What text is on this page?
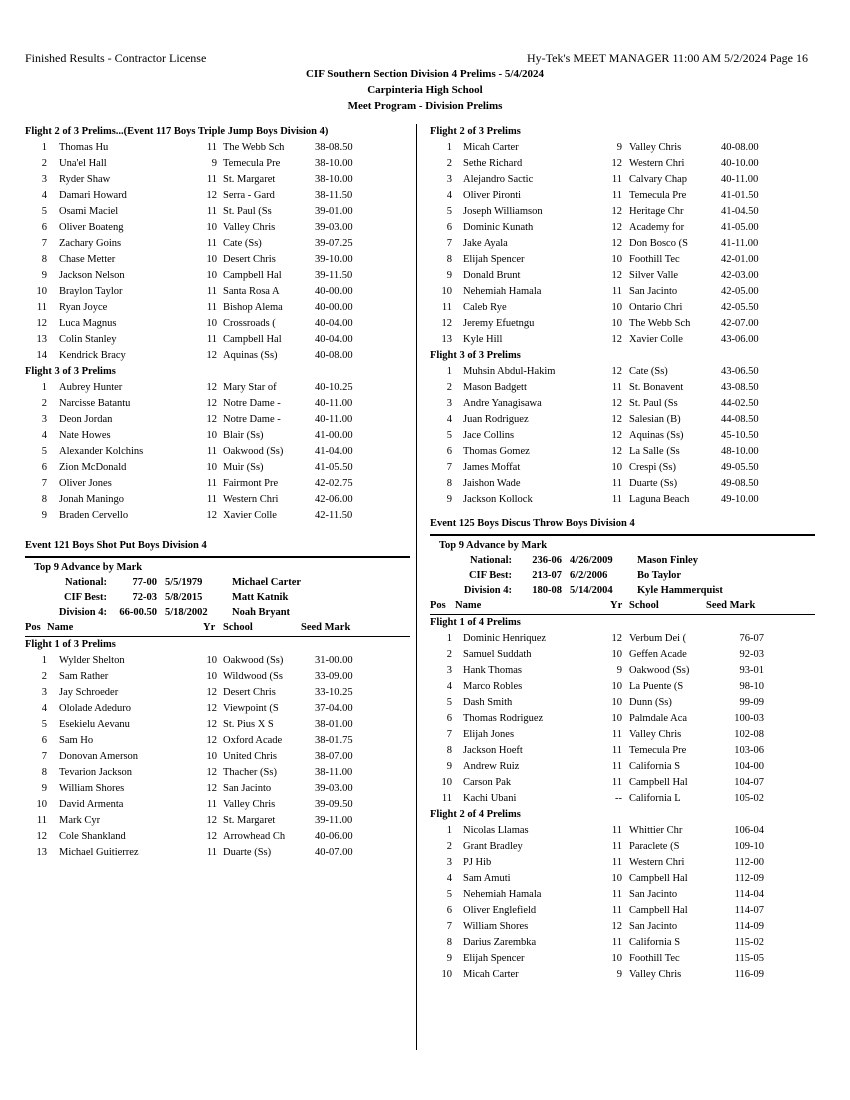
Finished Results - Contractor License	Hy-Tek's MEET MANAGER 11:00 AM 5/2/2024 Page 16
CIF Southern Section Division 4 Prelims - 5/4/2024
Carpinteria High School
Meet Program - Division Prelims
Flight 2 of 3 Prelims...(Event 117 Boys Triple Jump Boys Division 4)
1 Thomas Hu	11 The Webb Sch	38-08.50
2 Una'el Hall	9 Temecula Pre	38-10.00
3 Ryder Shaw	11 St. Margaret	38-10.00
4 Damari Howard	12 Serra - Gard	38-11.50
5 Osami Maciel	11 St. Paul (Ss	39-01.00
6 Oliver Boateng	10 Valley Chris	39-03.00
7 Zachary Goins	11 Cate (Ss)	39-07.25
8 Chase Metter	10 Desert Chris	39-10.00
9 Jackson Nelson	10 Campbell Hal	39-11.50
10 Braylon Taylor	11 Santa Rosa A	40-00.00
11 Ryan Joyce	11 Bishop Alema	40-00.00
12 Luca Magnus	10 Crossroads (	40-04.00
13 Colin Stanley	11 Campbell Hal	40-04.00
14 Kendrick Bracy	12 Aquinas (Ss)	40-08.00
Flight 3 of 3 Prelims
1 Aubrey Hunter	12 Mary Star of	40-10.25
2 Narcisse Batantu	12 Notre Dame -	40-11.00
3 Deon Jordan	12 Notre Dame -	40-11.00
4 Nate Howes	10 Blair (Ss)	41-00.00
5 Alexander Kolchins	11 Oakwood (Ss)	41-04.00
6 Zion McDonald	10 Muir (Ss)	41-05.50
7 Oliver Jones	11 Fairmont Pre	42-02.75
8 Jonah Maningo	11 Western Chri	42-06.00
9 Braden Cervello	12 Xavier Colle	42-11.50
Event 121 Boys Shot Put Boys Division 4
Top 9 Advance by Mark
National:	77-00 5/5/1979	Michael Carter
CIF Best:	72-03 5/8/2015	Matt Katnik
Division 4:	66-00.50 5/18/2002 Noah Bryant
Pos Name	Yr School	Seed Mark
Flight 1 of 3 Prelims
1 Wylder Shelton	10 Oakwood (Ss)	31-00.00
2 Sam Rather	10 Wildwood (Ss	33-09.00
3 Jay Schroeder	12 Desert Chris	33-10.25
4 Ololade Adeduro	12 Viewpoint (S	37-04.00
5 Esekielu Aevanu	12 St. Pius X S	38-01.00
6 Sam Ho	12 Oxford Acade	38-01.75
7 Donovan Amerson	10 United Chris	38-07.00
8 Tevarion Jackson	12 Thacher (Ss)	38-11.00
9 William Shores	12 San Jacinto	39-03.00
10 David Armenta	11 Valley Chris	39-09.50
11 Mark Cyr	12 St. Margaret	39-11.00
12 Cole Shankland	12 Arrowhead Ch	40-06.00
13 Michael Guitierrez	11 Duarte (Ss)	40-07.00
Flight 2 of 3 Prelims
1 Micah Carter	9 Valley Chris	40-08.00
2 Sethe Richard	12 Western Chri	40-10.00
3 Alejandro Sactic	11 Calvary Chap	40-11.00
4 Oliver Pironti	11 Temecula Pre	41-01.50
5 Joseph Williamson	12 Heritage Chr	41-04.50
6 Dominic Kunath	12 Academy for	41-05.00
7 Jake Ayala	12 Don Bosco (S	41-11.00
8 Elijah Spencer	10 Foothill Tec	42-01.00
9 Donald Brunt	12 Silver Valle	42-03.00
10 Nehemiah Hamala	11 San Jacinto	42-05.00
11 Caleb Rye	10 Ontario Chri	42-05.50
12 Jeremy Efuetngu	10 The Webb Sch	42-07.00
13 Kyle Hill	12 Xavier Colle	43-06.00
Flight 3 of 3 Prelims
1 Muhsin Abdul-Hakim	12 Cate (Ss)	43-06.50
2 Mason Badgett	11 St. Bonavent	43-08.50
3 Andre Yanagisawa	12 St. Paul (Ss	44-02.50
4 Juan Rodriguez	12 Salesian (B)	44-08.50
5 Jace Collins	12 Aquinas (Ss)	45-10.50
6 Thomas Gomez	12 La Salle (Ss	48-10.00
7 James Moffat	10 Crespi (Ss)	49-05.50
8 Jaishon Wade	11 Duarte (Ss)	49-08.50
9 Jackson Kollock	11 Laguna Beach	49-10.00
Event 125 Boys Discus Throw Boys Division 4
Top 9 Advance by Mark
National:	236-06 4/26/2009 Mason Finley
CIF Best:	213-07 6/2/2006	Bo Taylor
Division 4:	180-08 5/14/2004 Kyle Hammerquist
Pos Name	Yr School	Seed Mark
Flight 1 of 4 Prelims
1 Dominic Henriquez	12 Verbum Dei (	76-07
2 Samuel Suddath	10 Geffen Acade	92-03
3 Hank Thomas	9 Oakwood (Ss)	93-01
4 Marco Robles	10 La Puente (S	98-10
5 Dash Smith	10 Dunn (Ss)	99-09
6 Thomas Rodriguez	10 Palmdale Aca	100-03
7 Elijah Jones	11 Valley Chris	102-08
8 Jackson Hoeft	11 Temecula Pre	103-06
9 Andrew Ruiz	11 California S	104-00
10 Carson Pak	11 Campbell Hal	104-07
11 Kachi Ubani	-- California L	105-02
Flight 2 of 4 Prelims
1 Nicolas Llamas	11 Whittier Chr	106-04
2 Grant Bradley	11 Paraclete (S	109-10
3 PJ Hib	11 Western Chri	112-00
4 Sam Amuti	10 Campbell Hal	112-09
5 Nehemiah Hamala	11 San Jacinto	114-04
6 Oliver Englefield	11 Campbell Hal	114-07
7 William Shores	12 San Jacinto	114-09
8 Darius Zarembka	11 California S	115-02
9 Elijah Spencer	10 Foothill Tec	115-05
10 Micah Carter	9 Valley Chris	116-09
